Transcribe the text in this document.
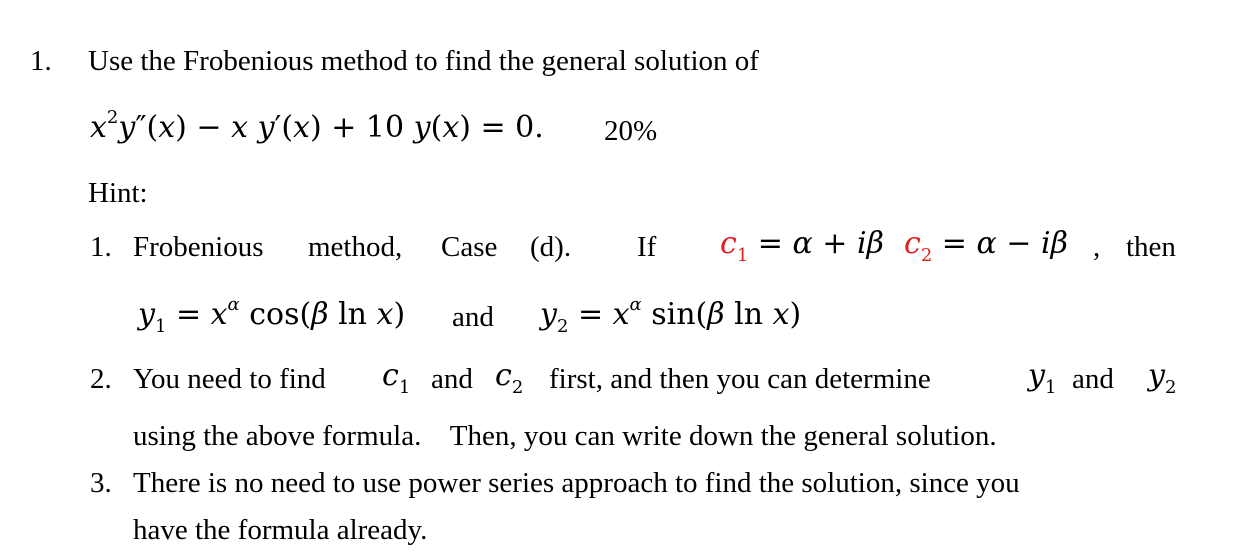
1. Use the Frobenious method to find the general solution of
$x^2y''(x) - x$ y′(x) + 10 y(x) = 0. 20%
Hint:
1. Frobenious method, Case (d). If $c_1 = \alpha + i\beta$ $c_2 = \alpha - i\beta$ , then
$y_1 = x^\alpha$ cos(β ln x) and $y_2 = x^\alpha$ sin(β ln x)
2. You need to find $c_1$ and $c_2$ first, and then you can determine	$y_1$ and $y_2$
using the above formula.    Then, you can write down the general solution.
3. There is no need to use power series approach to find the solution, since you
have the formula already.
